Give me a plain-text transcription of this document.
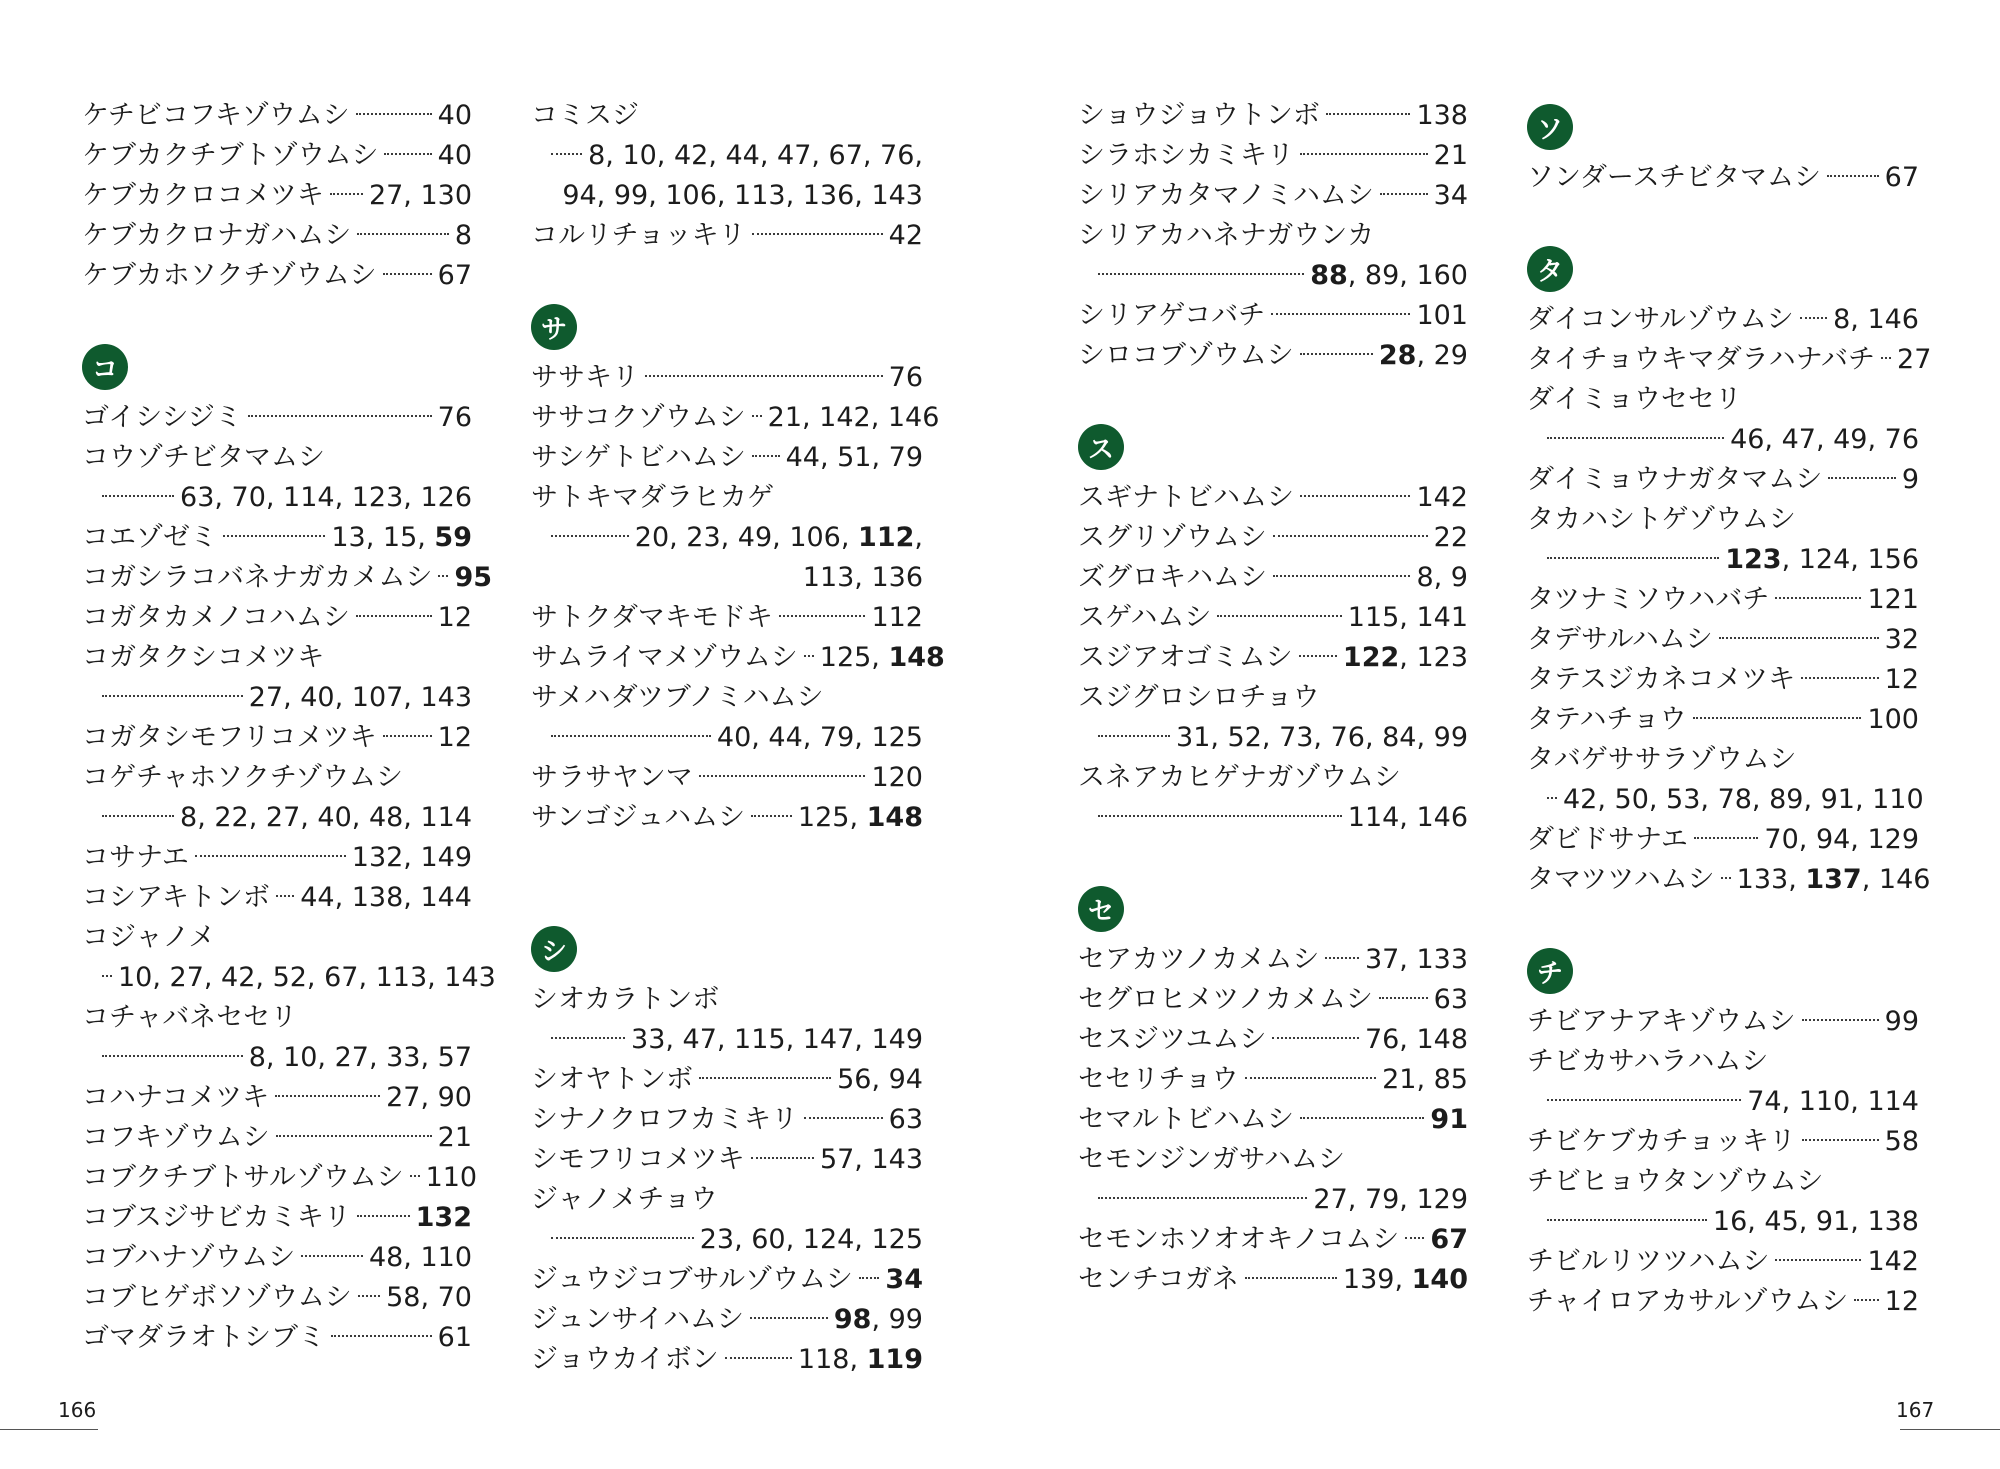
ケチビコフキゾウムシ	40
ケブカクチブトゾウムシ 40
ケブカクロコメツキ 27, 130
ケブカクロナガハムシ	8
ケブカホソクチゾウムシ 67
コ
ゴイシシジミ	76
コウゾチビタマムシ
63, 70, 114, 123, 126
コエゾゼミ	13, 15, 59
コガシラコバネナガカメムシ 95
コガタカメノコハムシ	12
コガタクシコメツキ
27, 40, 107, 143
コガタシモフリコメツキ 12
コゲチャホソクチゾウムシ
8, 22, 27, 40, 48, 114
コサナエ	132, 149
コシアキトンボ 44, 138, 144
コジャノメ
10, 27, 42, 52, 67, 113, 143
コチャバネセセリ
8, 10, 27, 33, 57
コハナコメツキ	27, 90
コフキゾウムシ	21
コブクチブトサルゾウムシ 110
コブスジサビカミキリ 132
コブハナゾウムシ	48, 110
コブヒゲボソゾウムシ 58, 70
ゴマダラオトシブミ	61
コミスジ
8, 10, 42, 44, 47, 67, 76,
94, 99, 106, 113, 136, 143
コルリチョッキリ	42
サ
ササキリ	76
ササコクゾウムシ 21, 142, 146
サシゲトビハムシ 44, 51, 79
サトキマダラヒカゲ
20, 23, 49, 106, 112,
113, 136
サトクダマキモドキ	112
サムライマメゾウムシ 125, 148
サメハダツブノミハムシ
40, 44, 79, 125
サラサヤンマ	120
サンゴジュハムシ 125, 148
シ
シオカラトンボ
33, 47, 115, 147, 149
シオヤトンボ	56, 94
シナノクロフカミキリ	63
シモフリコメツキ	57, 143
ジャノメチョウ
23, 60, 124, 125
ジュウジコブサルゾウムシ 34
ジュンサイハムシ	98, 99
ジョウカイボン	118, 119
ショウジョウトンボ	138
シラホシカミキリ	21
シリアカタマノミハムシ 34
シリアカハネナガウンカ
88, 89, 160
シリアゲコバチ	101
シロコブゾウムシ	28, 29
ス
スギナトビハムシ	142
スグリゾウムシ	22
ズグロキハムシ	8, 9
スゲハムシ	115, 141
スジアオゴミムシ 122, 123
スジグロシロチョウ
31, 52, 73, 76, 84, 99
スネアカヒゲナガゾウムシ
114, 146
セ
セアカツノカメムシ 37, 133
セグロヒメツノカメムシ 63
セスジツユムシ	76, 148
セセリチョウ	21, 85
セマルトビハムシ	91
セモンジンガサハムシ
27, 79, 129
セモンホソオオキノコムシ 67
センチコガネ	139, 140
ソ
ソンダースチビタマムシ 67
タ
ダイコンサルゾウムシ 8, 146
タイチョウキマダラハナバチ 27
ダイミョウセセリ
46, 47, 49, 76
ダイミョウナガタマムシ	9
タカハシトゲゾウムシ
123, 124, 156
タツナミソウハバチ	121
タデサルハムシ	32
タテスジカネコメツキ	12
タテハチョウ	100
タバゲササラゾウムシ
42, 50, 53, 78, 89, 91, 110
ダビドサナエ	70, 94, 129
タマツツハムシ 133, 137, 146
チ
チビアナアキゾウムシ	99
チビカサハラハムシ
74, 110, 114
チビケブカチョッキリ	58
チビヒョウタンゾウムシ
16, 45, 91, 138
チビルリツツハムシ	142
チャイロアカサルゾウムシ 12
166	167
